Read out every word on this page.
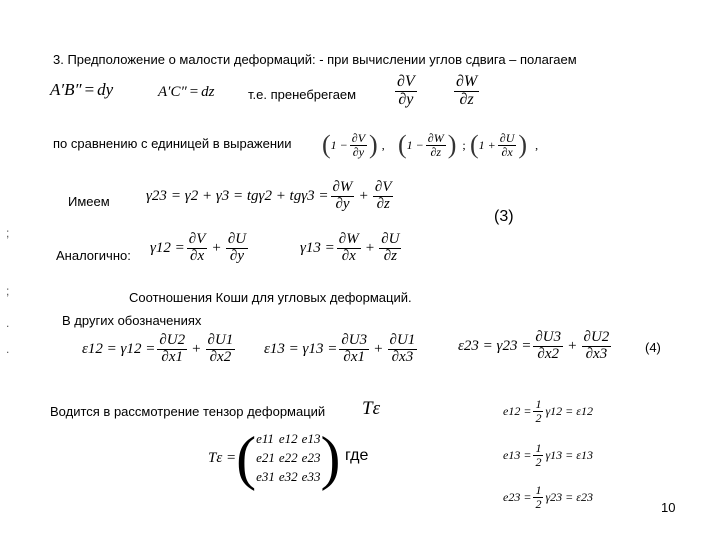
3. Предположение о малости деформаций: - при вычислении углов сдвига – полагаем
A′B″ = dy	A′C″ = dz	т.е. пренебрегаем $\frac{\partial V}{\partial y} \frac{\partial W}{\partial z}$
по сравнению с единицей в выражении ( $1 - \frac{\partial V}{\partial y}$ ) , ( $1 - \frac{\partial W}{\partial z}$ ) ; ( $1 + \frac{\partial U}{\partial x}$ ) ,
Имеем $\gamma 23 = \gamma 2 + \gamma 3 = tg\gamma 2 + tg\gamma 3 = \frac{\partial W}{\partial y} + \frac{\partial V}{\partial z}$
(3)
Аналогично: $\gamma 12 = \frac{\partial V}{\partial x} + \frac{\partial U}{\partial y}$	$\gamma 13 = \frac{\partial W}{\partial x} + \frac{\partial U}{\partial z}$
Соотношения Коши для угловых деформаций.
В других обозначениях
$\varepsilon 12 = \gamma 12 = \frac{\partial U2}{\partial x1} + \frac{\partial U1}{\partial x2} \varepsilon 13 = \gamma 13 = \frac{\partial U3}{\partial x1} + \frac{\partial U1}{\partial x3}$	$\varepsilon 23 = \gamma 23 = \frac{\partial U3}{\partial x2} + \frac{\partial U2}{\partial x3}$	(4)
Водится в рассмотрение тензор деформаций Tε
Tε = ( e11 e12 e13
e21 e22 e23
e31 e32 e33 ) где
$e12 = \frac{1}{2} \gamma 12 = \varepsilon 12$
$e13 = \frac{1}{2} \gamma 13 = \varepsilon 13$
$e23 = \frac{1}{2} \gamma 23 = \varepsilon 23$
10
;
;
.
.
